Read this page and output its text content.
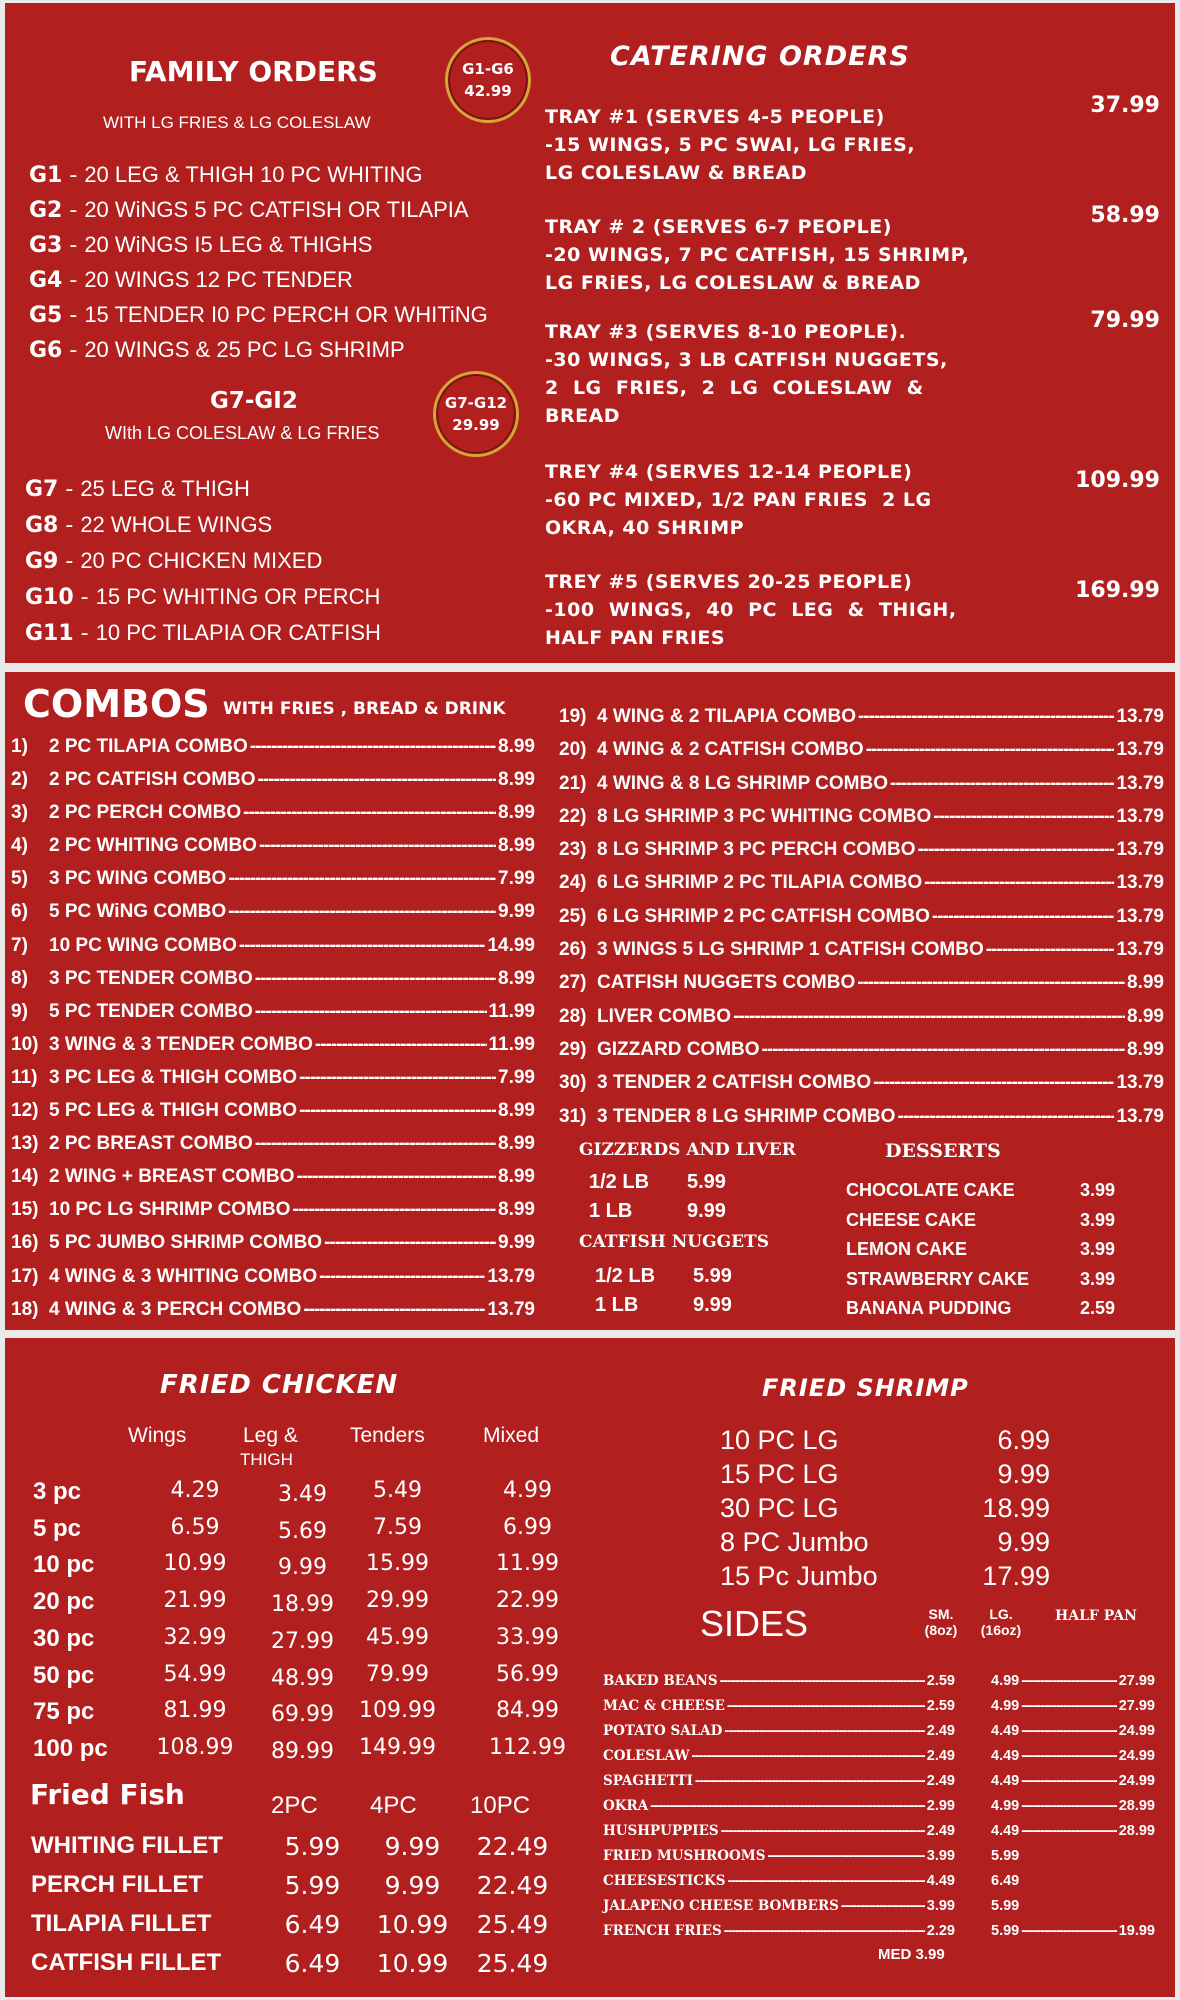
FAMILY ORDERS
WITH LG FRIES & LG COLESLAW
G1-G6
42.99
G1 - 20 LEG & THIGH 10 PC WHITING
G2 - 20 WiNGS 5 PC CATFISH OR TILAPIA
G3 - 20 WiNGS I5 LEG & THIGHS
G4 - 20 WINGS 12 PC TENDER
G5 - 15 TENDER I0 PC PERCH OR WHITiNG
G6 - 20 WINGS & 25 PC LG SHRIMP
G7-GI2
WIth LG COLESLAW & LG FRIES
G7-G12
29.99
G7 - 25 LEG & THIGH
G8 - 22 WHOLE WINGS
G9 - 20 PC CHICKEN MIXED
G10 - 15 PC WHITING OR PERCH
G11 - 10 PC TILAPIA OR CATFISH
CATERING ORDERS
TRAY #1 (SERVES 4-5 PEOPLE)
-15 WINGS, 5 PC SWAI, LG FRIES,
LG COLESLAW & BREAD
37.99
TRAY # 2 (SERVES 6-7 PEOPLE)
-20 WINGS, 7 PC CATFISH, 15 SHRIMP,
LG FRiES, LG COLESLAW & BREAD
58.99
TRAY #3 (SERVES 8-10 PEOPLE).
-30 WINGS, 3 LB CATFISH NUGGETS,
2  LG  FRIES,  2  LG  COLESLAW  &
BREAD
79.99
TREY #4 (SERVES 12-14 PEOPLE)
-60 PC MIXED, 1/2 PAN FRIES  2 LG
OKRA, 40 SHRIMP
109.99
TREY #5 (SERVES 20-25 PEOPLE)
-100  WINGS,  40  PC  LEG  &  THIGH,
HALF PAN FRIES
169.99
COMBOS WITH FRIES , BREAD & DRINK
1) 2 PC TILAPIA COMBO -----	8.99
2) 2 PC CATFISH COMBO -----	8.99
3) 2 PC PERCH COMBO -----	8.99
4) 2 PC WHITING COMBO -----	8.99
5) 3 PC WING COMBO -----	7.99
6) 5 PC WiNG COMBO -----	9.99
7) 10 PC WING COMBO -----	14.99
8) 3 PC TENDER COMBO -----	8.99
9) 5 PC TENDER COMBO -----	11.99
10) 3 WING & 3 TENDER COMBO -----	11.99
11) 3 PC LEG & THIGH COMBO -----	7.99
12) 5 PC LEG & THIGH COMBO -----	8.99
13) 2 PC BREAST COMBO -----	8.99
14) 2 WING + BREAST COMBO -----	8.99
15) 10 PC LG SHRIMP COMBO -----	8.99
16) 5 PC JUMBO SHRIMP COMBO -----	9.99
17) 4 WING & 3 WHITING COMBO -----	13.79
18) 4 WING & 3 PERCH COMBO -----	13.79
19) 4 WING & 2 TILAPIA COMBO -----	13.79
20) 4 WING & 2 CATFISH COMBO -----	13.79
21) 4 WING & 8 LG SHRIMP COMBO -----	13.79
22) 8 LG SHRIMP 3 PC WHITING COMBO -----	13.79
23) 8 LG SHRIMP 3 PC PERCH COMBO -----	13.79
24) 6 LG SHRIMP 2 PC TILAPIA COMBO -----	13.79
25) 6 LG SHRIMP 2 PC CATFISH COMBO -----	13.79
26) 3 WINGS 5 LG SHRIMP 1 CATFISH COMBO -----	13.79
27) CATFISH NUGGETS COMBO -----	8.99
28) LIVER COMBO -----	8.99
29) GIZZARD COMBO -----	8.99
30) 3 TENDER 2 CATFISH COMBO -----	13.79
31) 3 TENDER 8 LG SHRIMP COMBO -----	13.79
GIZZERDS AND LIVER
1/2 LB	5.99
1 LB	9.99
CATFISH NUGGETS
1/2 LB	5.99
1 LB	9.99
DESSERTS
CHOCOLATE CAKE	3.99
CHEESE CAKE	3.99
LEMON CAKE	3.99
STRAWBERRY CAKE	3.99
BANANA PUDDING	2.59
FRIED CHICKEN
Wings	Leg &
THIGH
Tenders	Mixed
3 pc	4.29	3.49	5.49	4.99
5 pc	6.59	5.69	7.59	6.99
10 pc	10.99	9.99	15.99	11.99
20 pc	21.99	18.99	29.99	22.99
30 pc	32.99	27.99	45.99	33.99
50 pc	54.99	48.99	79.99	56.99
75 pc	81.99	69.99	109.99	84.99
100 pc	108.99	89.99	149.99	112.99
Fried Fish	2PC 4PC 10PC
WHITING FILLET	5.99	9.99	22.49
PERCH FILLET	5.99	9.99	22.49
TILAPIA FILLET	6.49	10.99	25.49
CATFISH FILLET	6.49	10.99	25.49
FRIED SHRIMP
10 PC LG	6.99
15 PC LG	9.99
30 PC LG	18.99
8 PC Jumbo	9.99
15 Pc Jumbo	17.99
SIDES	SM.
(8oz)
LG.
(16oz)
HALF PAN
BAKED BEANS -----	2.59 4.99 -----	27.99
MAC & CHEESE -----	2.59 4.99 -----	27.99
POTATO SALAD -----	2.49 4.49 -----	24.99
COLESLAW -----	2.49 4.49 -----	24.99
SPAGHETTI -----	2.49 4.49 -----	24.99
OKRA -----	2.99 4.99 -----	28.99
HUSHPUPPIES -----	2.49 4.49 -----	28.99
FRIED MUSHROOMS -----	3.99 5.99
CHEESESTICKS -----	4.49 6.49
JALAPENO CHEESE BOMBERS -----	3.99 5.99
FRENCH FRIES -----	2.29 5.99 -----	19.99
MED 3.99
